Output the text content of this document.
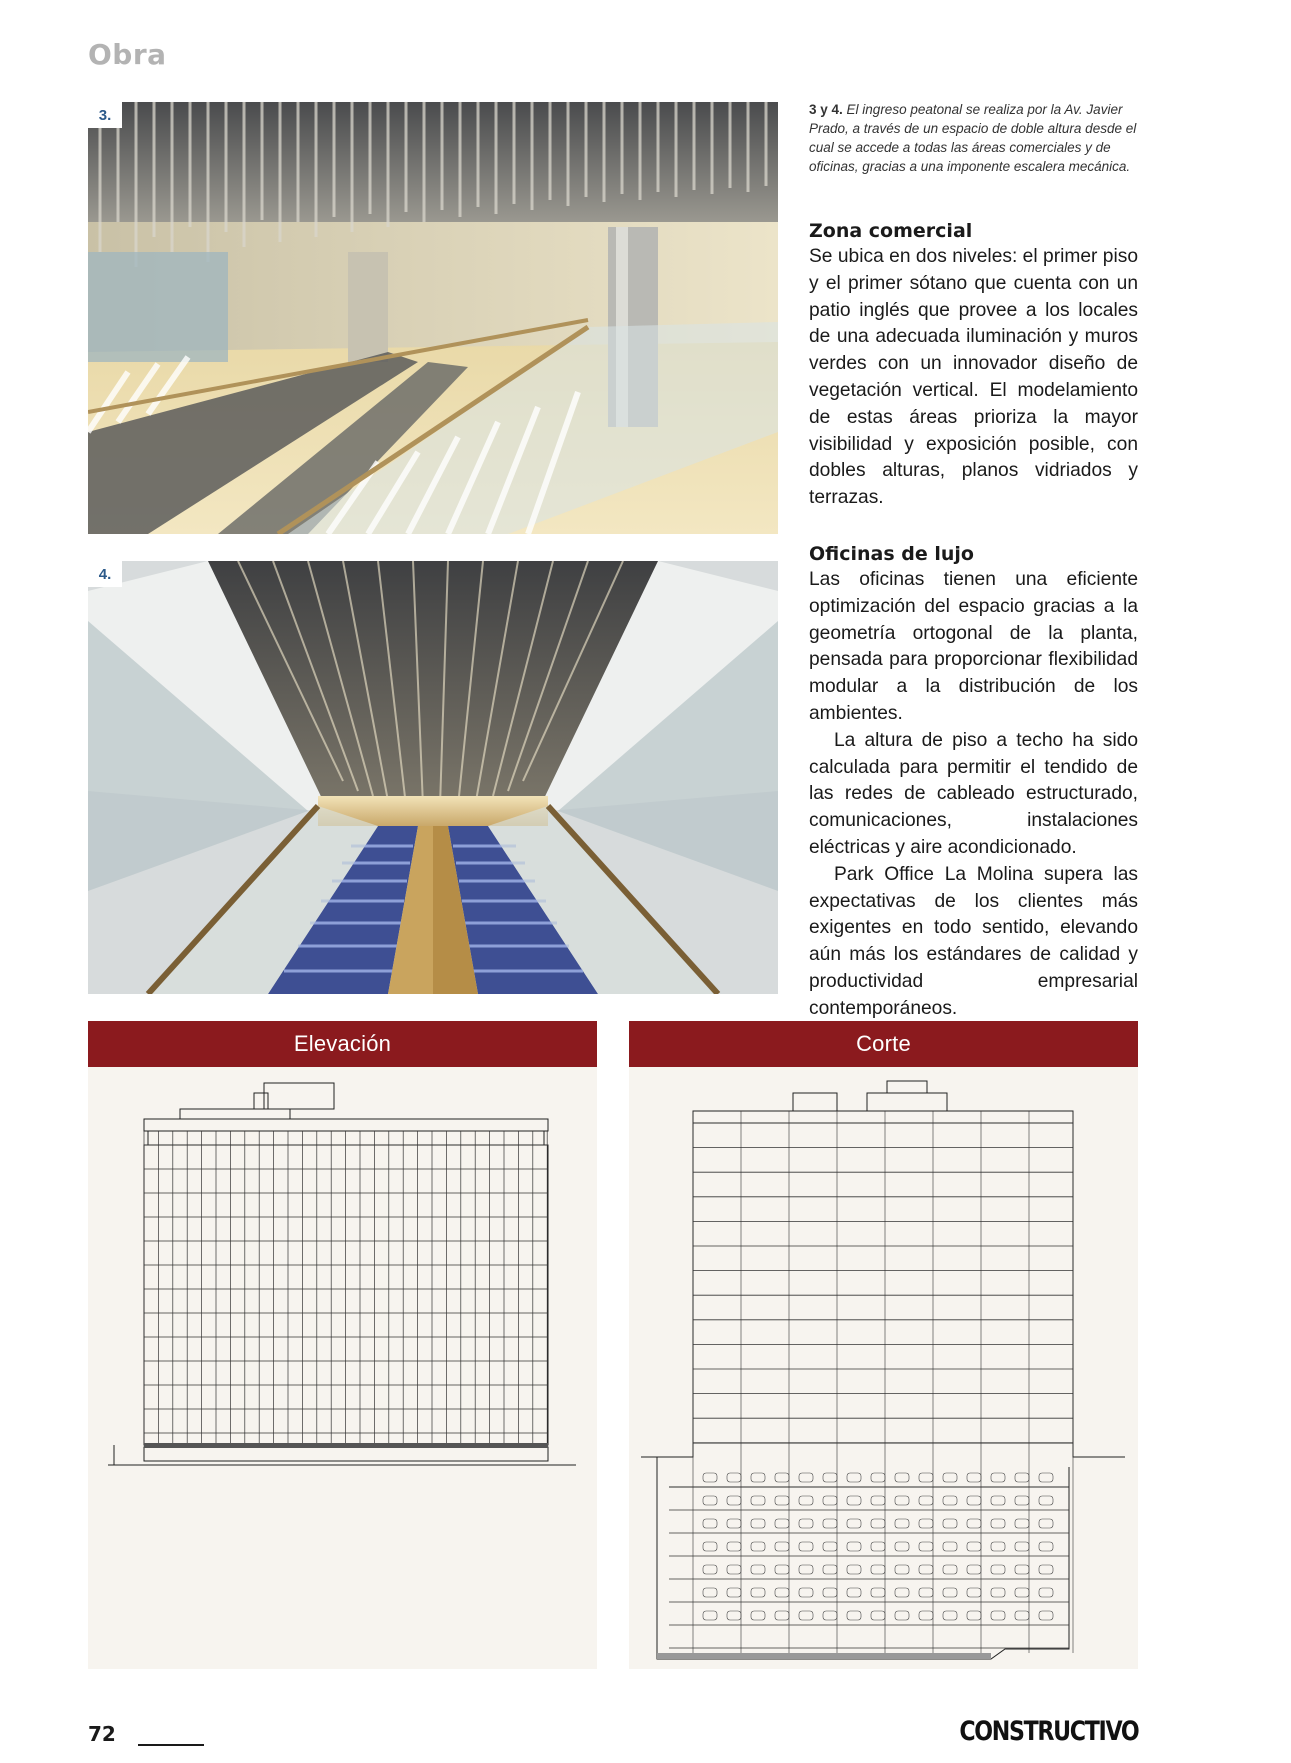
Obra
3.
4.
3 y 4. El ingreso peatonal se realiza por la Av. Javier Prado, a través de un espacio de doble altura desde el cual se accede a todas las áreas comerciales y de oficinas, gracias a una imponente escalera mecánica.
Zona comercial

Se ubica en dos niveles: el primer piso y el primer sótano que cuenta con un patio inglés que provee a los locales de una adecuada iluminación y muros verdes con un innovador diseño de vegetación vertical. El modelamiento de estas áreas prioriza la mayor visibilidad y exposición posible, con dobles alturas, planos vidriados y terrazas.

Oficinas de lujo

Las oficinas tienen una eficiente optimización del espacio gracias a la geometría ortogonal de la planta, pensada para proporcionar flexibilidad modular a la distribución de los ambientes.

La altura de piso a techo ha sido calculada para permitir el tendido de las redes de cableado estructurado, comunicaciones, instalaciones eléctricas y aire acondicionado.

Park Office La Molina supera las expectativas de los clientes más exigentes en todo sentido, elevando aún más los estándares de calidad y productividad empresarial contemporáneos.

Elevación	Corte
72	CONSTRUCTIVO
